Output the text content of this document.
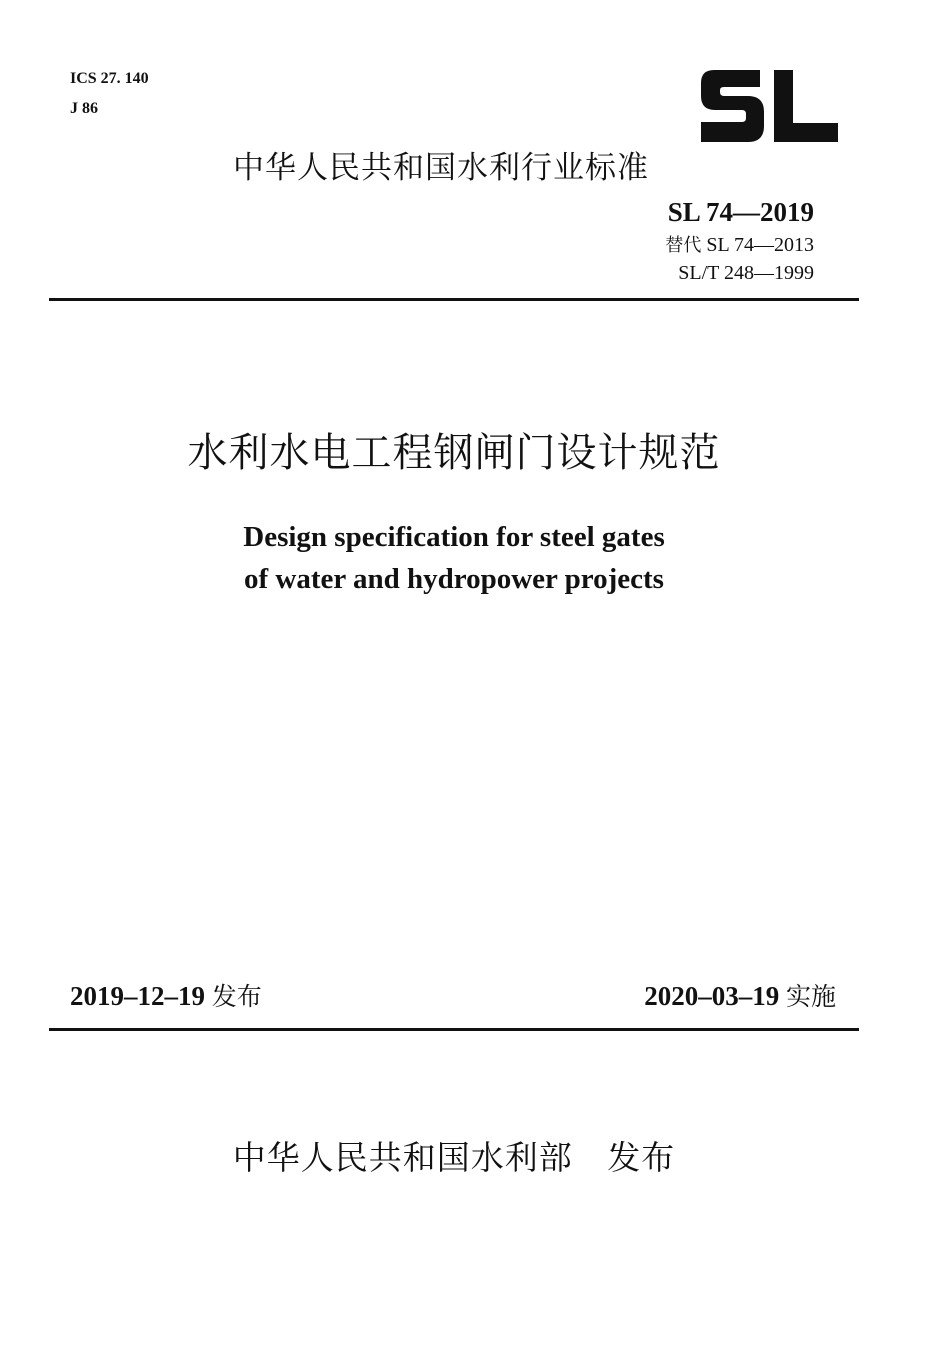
ICS 27. 140
J 86
中华人民共和国水利行业标准
SL 74—2019
替代 SL 74—2013
SL/T 248—1999
水利水电工程钢闸门设计规范
Design specification for steel gates
of water and hydropower projects
2019–12–19 发布	2020–03–19 实施
中华人民共和国水利部   发布
